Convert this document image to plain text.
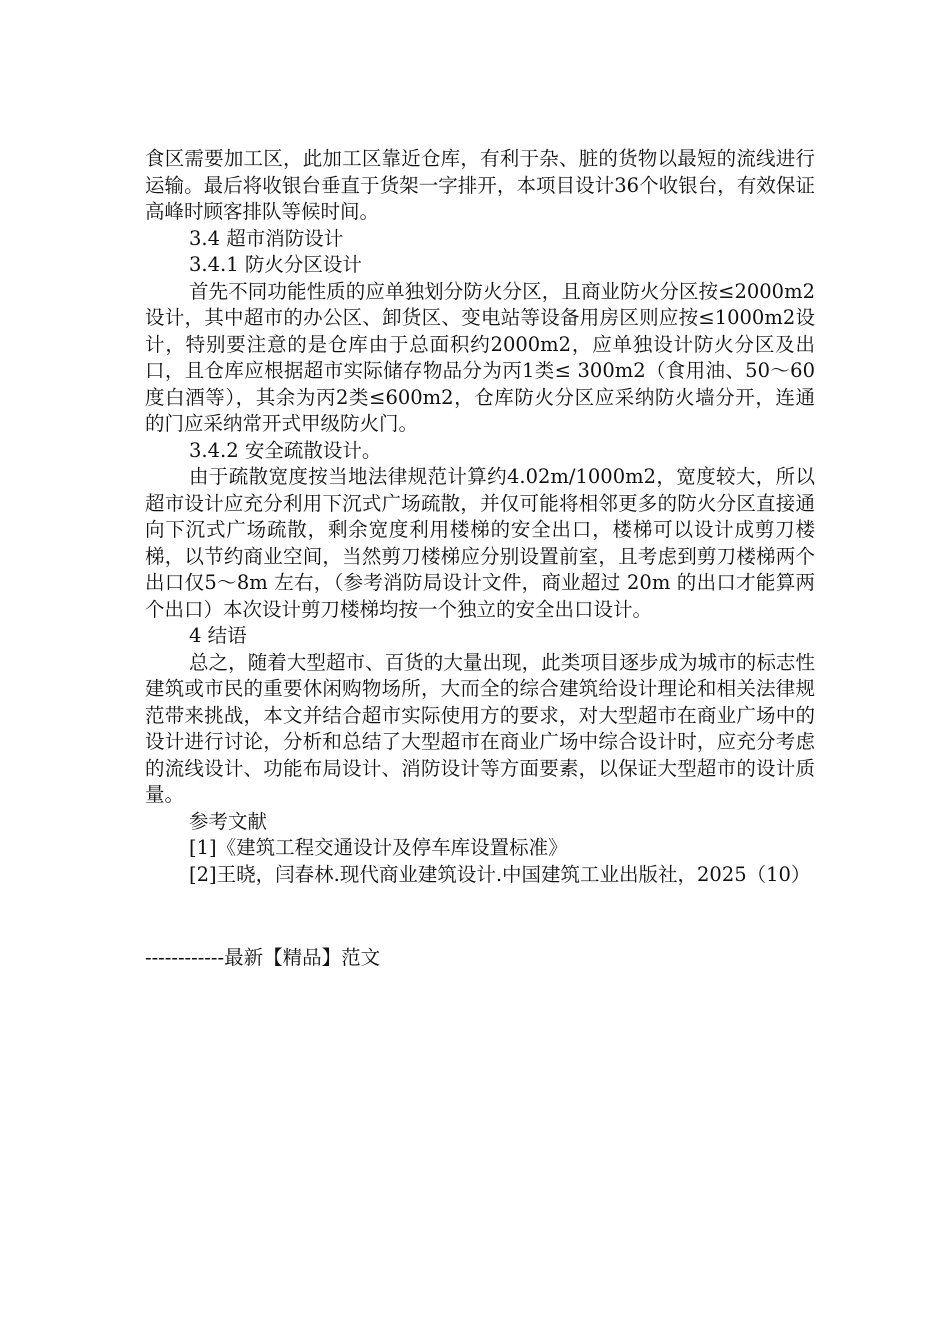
食区需要加工区，此加工区靠近仓库，有利于杂、脏的货物以最短的流线进行运输。最后将收银台垂直于货架一字排开，本项目设计36个收银台，有效保证高峰时顾客排队等候时间。

3.4 超市消防设计

3.4.1 防火分区设计

首先不同功能性质的应单独划分防火分区，且商业防火分区按≤2000m2设计，其中超市的办公区、卸货区、变电站等设备用房区则应按≤1000m2设计，特别要注意的是仓库由于总面积约2000m2，应单独设计防火分区及出口，且仓库应根据超市实际储存物品分为丙1类≤ 300m2（食用油、50～60 度白酒等），其余为丙2类≤600m2，仓库防火分区应采纳防火墙分开，连通的门应采纳常开式甲级防火门。

3.4.2 安全疏散设计。

由于疏散宽度按当地法律规范计算约4.02m/1000m2，宽度较大，所以超市设计应充分利用下沉式广场疏散，并仅可能将相邻更多的防火分区直接通向下沉式广场疏散，剩余宽度利用楼梯的安全出口，楼梯可以设计成剪刀楼梯，以节约商业空间，当然剪刀楼梯应分别设置前室，且考虑到剪刀楼梯两个出口仅5～8m 左右，（参考消防局设计文件，商业超过 20m 的出口才能算两个出口）本次设计剪刀楼梯均按一个独立的安全出口设计。

4 结语

总之，随着大型超市、百货的大量出现，此类项目逐步成为城市的标志性建筑或市民的重要休闲购物场所，大而全的综合建筑给设计理论和相关法律规范带来挑战，本文并结合超市实际使用方的要求，对大型超市在商业广场中的设计进行讨论，分析和总结了大型超市在商业广场中综合设计时，应充分考虑的流线设计、功能布局设计、消防设计等方面要素，以保证大型超市的设计质量。

参考文献

[1]《建筑工程交通设计及停车库设置标准》

[2]王晓，闫春林.现代商业建筑设计.中国建筑工业出版社，2025（10）

------------最新【精品】范文
